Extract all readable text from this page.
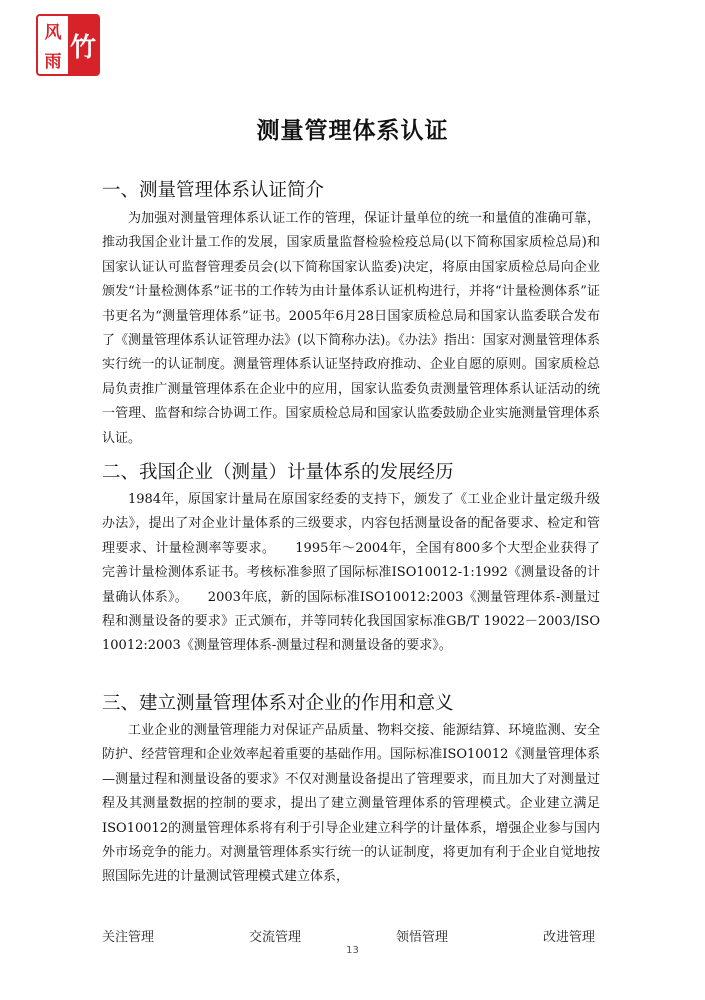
风 竹
雨
测量管理体系认证
一、测量管理体系认证简介
为加强对测量管理体系认证工作的管理，保证计量单位的统一和量值的准确可靠，推动我国企业计量工作的发展，国家质量监督检验检疫总局(以下简称国家质检总局)和国家认证认可监督管理委员会(以下简称国家认监委)决定，将原由国家质检总局向企业颁发“计量检测体系”证书的工作转为由计量体系认证机构进行，并将“计量检测体系”证书更名为“测量管理体系”证书。2005年6月28日国家质检总局和国家认监委联合发布了《测量管理体系认证管理办法》(以下简称办法)。《办法》指出：国家对测量管理体系实行统一的认证制度。测量管理体系认证坚持政府推动、企业自愿的原则。国家质检总局负责推广测量管理体系在企业中的应用，国家认监委负责测量管理体系认证活动的统一管理、监督和综合协调工作。国家质检总局和国家认监委鼓励企业实施测量管理体系认证。
二、我国企业（测量）计量体系的发展经历
1984年，原国家计量局在原国家经委的支持下，颁发了《工业企业计量定级升级办法》，提出了对企业计量体系的三级要求，内容包括测量设备的配备要求、检定和管理要求、计量检测率等要求。　　1995年～2004年，全国有800多个大型企业获得了完善计量检测体系证书。考核标准参照了国际标准ISO10012-1:1992《测量设备的计量确认体系》。　　2003年底，新的国际标准ISO10012:2003《测量管理体系-测量过程和测量设备的要求》正式颁布，并等同转化我国国家标准GB/T 19022－2003/ISO 10012:2003《测量管理体系-测量过程和测量设备的要求》。
三、建立测量管理体系对企业的作用和意义
工业企业的测量管理能力对保证产品质量、物料交接、能源结算、环境监测、安全防护、经营管理和企业效率起着重要的基础作用。国际标准ISO10012《测量管理体系—测量过程和测量设备的要求》不仅对测量设备提出了管理要求，而且加大了对测量过程及其测量数据的控制的要求，提出了建立测量管理体系的管理模式。企业建立满足ISO10012的测量管理体系将有利于引导企业建立科学的计量体系，增强企业参与国内外市场竞争的能力。对测量管理体系实行统一的认证制度，将更加有利于企业自觉地按照国际先进的计量测试管理模式建立体系，
关注管理	交流管理	领悟管理	改进管理
13
